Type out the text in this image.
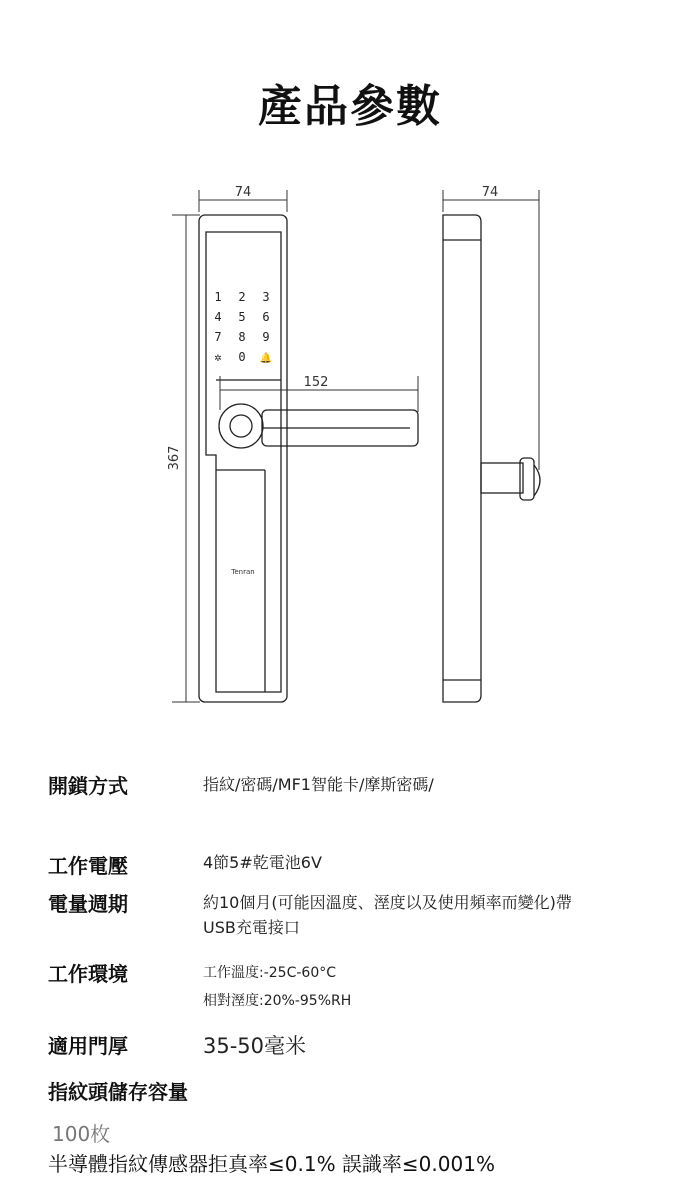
產品參數
74
367
1 2 3
4 5 6
7 8 9
✲ 0 🔔
Tenran
152
74
開鎖方式	指紋/密碼/MF1智能卡/摩斯密碼/
工作電壓	4節5#乾電池6V
電量週期	約10個月(可能因溫度、溼度以及使用頻率而變化)帶
USB充電接口
工作環境	工作溫度:-25C-60°C
相對溼度:20%-95%RH
適用門厚	35-50毫米
指紋頭儲存容量
100枚
半導體指紋傳感器拒真率≤0.1% 誤識率≤0.001%
